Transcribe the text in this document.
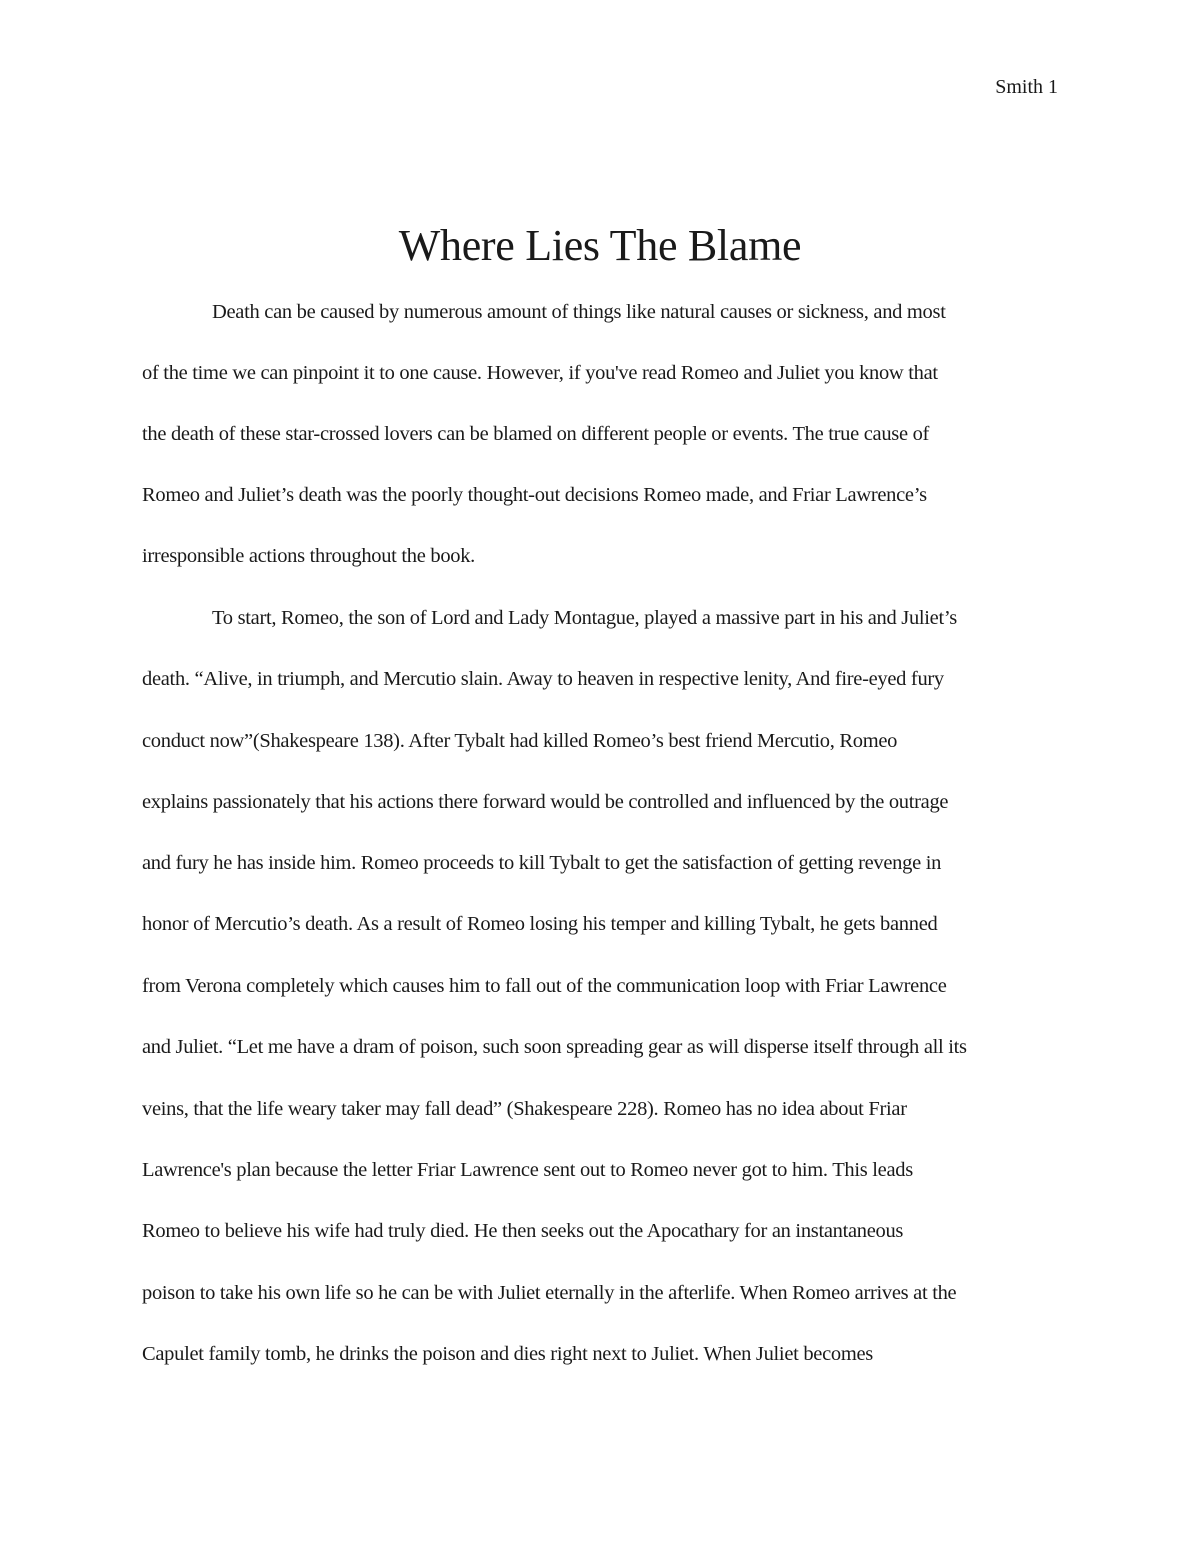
Smith 1
Where Lies The Blame
Death can be caused by numerous amount of things like natural causes or sickness, and most
of the time we can pinpoint it to one cause. However, if you've read Romeo and Juliet you know that
the death of these star-crossed lovers can be blamed on different people or events. The true cause of
Romeo and Juliet’s death was the poorly thought-out decisions Romeo made, and Friar Lawrence’s
irresponsible actions throughout the book.
To start, Romeo, the son of Lord and Lady Montague, played a massive part in his and Juliet’s
death. “Alive, in triumph, and Mercutio slain. Away to heaven in respective lenity, And fire-eyed fury
conduct now”(Shakespeare 138). After Tybalt had killed Romeo’s best friend Mercutio, Romeo
explains passionately that his actions there forward would be controlled and influenced by the outrage
and fury he has inside him. Romeo proceeds to kill Tybalt to get the satisfaction of getting revenge in
honor of Mercutio’s death. As a result of Romeo losing his temper and killing Tybalt, he gets banned
from Verona completely which causes him to fall out of the communication loop with Friar Lawrence
and Juliet. “Let me have a dram of poison, such soon spreading gear as will disperse itself through all its
veins, that the life weary taker may fall dead” (Shakespeare 228). Romeo has no idea about Friar
Lawrence's plan because the letter Friar Lawrence sent out to Romeo never got to him. This leads
Romeo to believe his wife had truly died. He then seeks out the Apocathary for an instantaneous
poison to take his own life so he can be with Juliet eternally in the afterlife. When Romeo arrives at the
Capulet family tomb, he drinks the poison and dies right next to Juliet. When Juliet becomes
